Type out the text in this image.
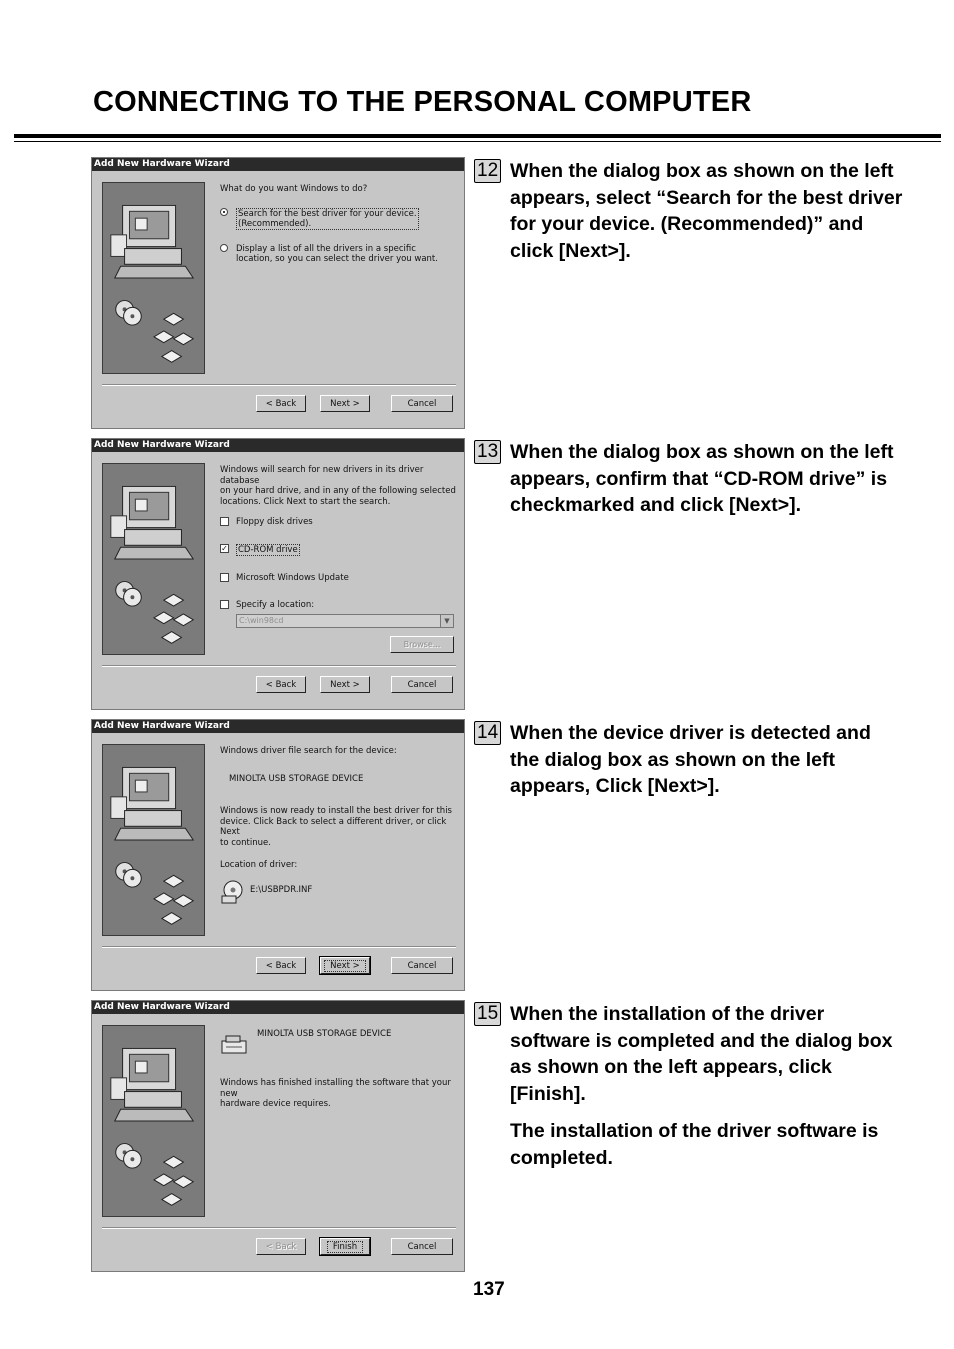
CONNECTING TO THE PERSONAL COMPUTER
Add New Hardware Wizard
What do you want Windows to do?
Search for the best driver for your device.
(Recommended).
Display a list of all the drivers in a specific
location, so you can select the driver you want.
< Back	Next >	Cancel
Add New Hardware Wizard
Windows will search for new drivers in its driver database
on your hard drive, and in any of the following selected
locations. Click Next to start the search.
Floppy disk drives
✓ CD-ROM drive
Microsoft Windows Update
Specify a location:
C:\win98cd	▼
Browse...
< Back	Next >	Cancel
Add New Hardware Wizard
Windows driver file search for the device:
MINOLTA USB STORAGE DEVICE
Windows is now ready to install the best driver for this
device. Click Back to select a different driver, or click Next
to continue.
Location of driver:
E:\USBPDR.INF
< Back	Next >	Cancel
Add New Hardware Wizard
MINOLTA USB STORAGE DEVICE
Windows has finished installing the software that your new
hardware device requires.
< Back	Finish	Cancel
12 When the dialog box as shown on the left appears, select “Search for the best driver for your device. (Recommended)” and click [Next>].
13 When the dialog box as shown on the left appears, confirm that “CD-ROM drive” is checkmarked and click [Next>].
14 When the device driver is detected and the dialog box as shown on the left appears, Click [Next>].
15 When the installation of the driver software is completed and the dialog box as shown on the left appears, click [Finish].
The installation of the driver software is completed.
137
